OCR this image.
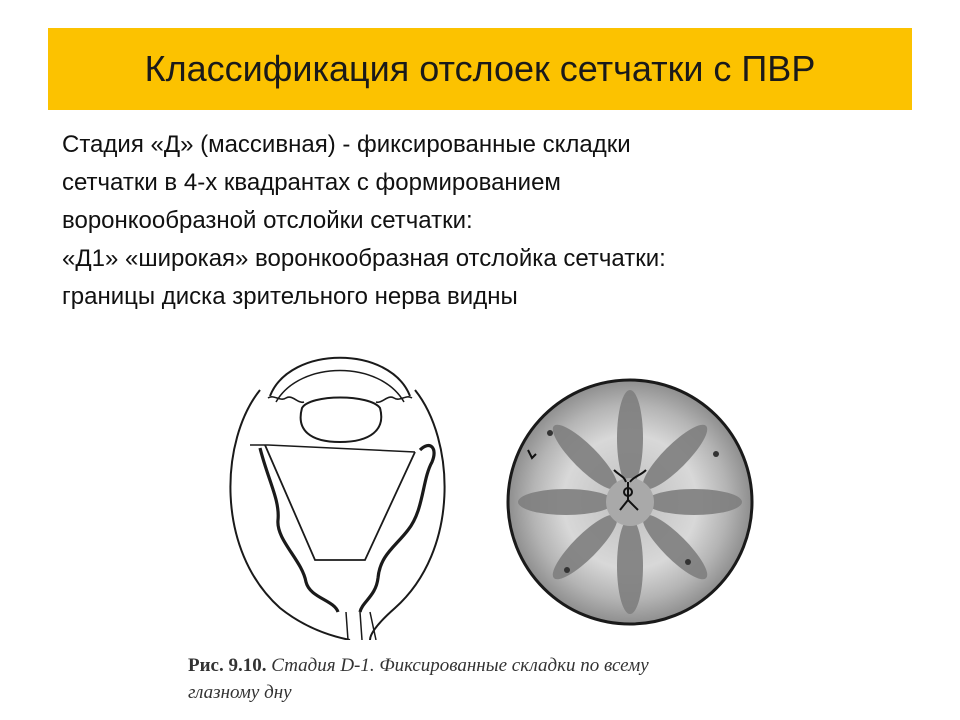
Классификация отслоек сетчатки с ПВР
Стадия «Д» (массивная) - фиксированные складки
сетчатки в 4-х квадрантах с формированием
воронкообразной отслойки сетчатки:
«Д1» «широкая» воронкообразная отслойка сетчатки:
границы диска зрительного нерва видны
Рис. 9.10. Стадия D-1. Фиксированные складки по всему
глазному дну
